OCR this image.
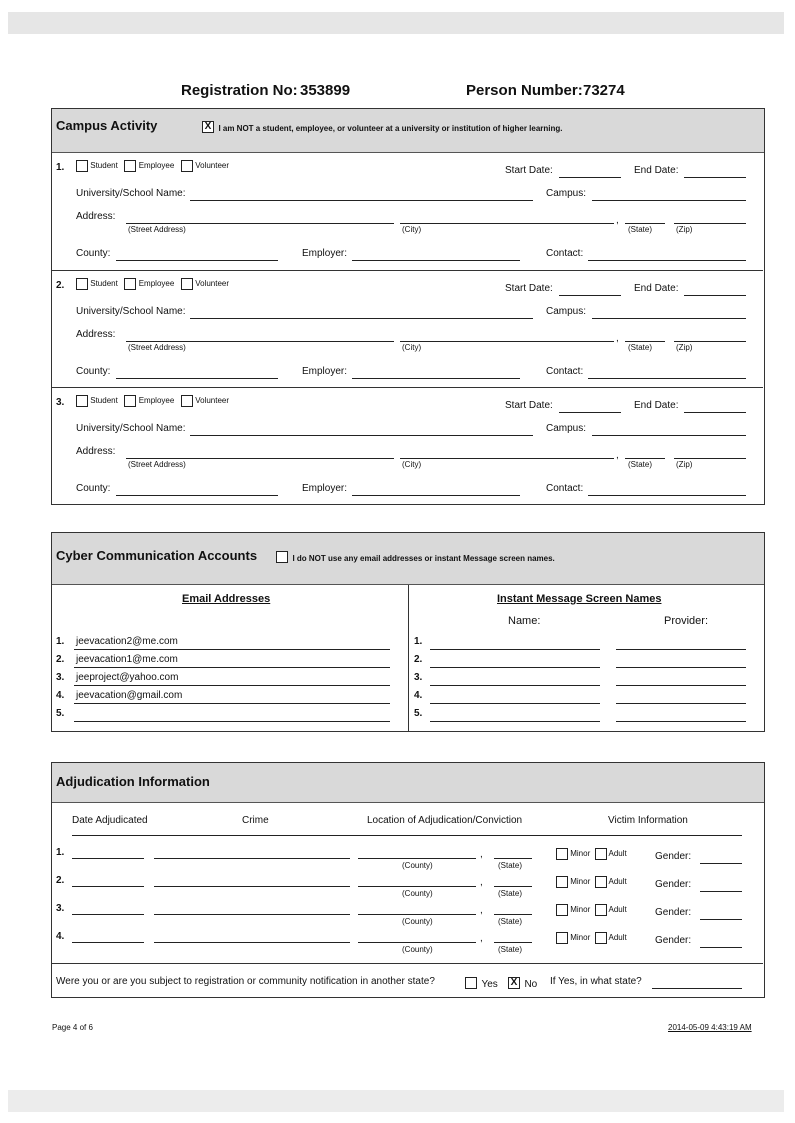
Registration No: 353899	Person Number: 73274
Campus Activity	X I am NOT a student, employee, or volunteer at a university or institution of higher learning.
1.	Student	Employee	Volunteer	Start Date:	End Date:
University/School Name:	Campus:
Address:	,
(Street Address)	(City)	(State)	(Zip)
County:	Employer:	Contact:
2.	Student	Employee	Volunteer	Start Date:	End Date:
University/School Name:	Campus:
Address:	,
(Street Address)	(City)	(State)	(Zip)
County:	Employer:	Contact:
3.	Student	Employee	Volunteer	Start Date:	End Date:
University/School Name:	Campus:
Address:	,
(Street Address)	(City)	(State)	(Zip)
County:	Employer:	Contact:
Cyber Communication Accounts	I do NOT use any email addresses or instant Message screen names.
Email Addresses	Instant Message Screen Names
Name:	Provider:
1. jeevacation2@me.com	1.
2. jeevacation1@me.com	2.
3. jeeproject@yahoo.com	3.
4. jeevacation@gmail.com	4.
5.	5.
Adjudication Information
Date Adjudicated	Crime	Location of Adjudication/Conviction	Victim Information
1.	,
(County)	(State)
Minor Adult	Gender:
2.	,
(County)	(State)
Minor Adult	Gender:
3.	,
(County)	(State)
Minor Adult	Gender:
4.	,
(County)	(State)
Minor Adult	Gender:
Were you or are you subject to registration or community notification in another state?	Yes X No If Yes, in what state?
Page 4 of 6	2014-05-09 4:43:19 AM
